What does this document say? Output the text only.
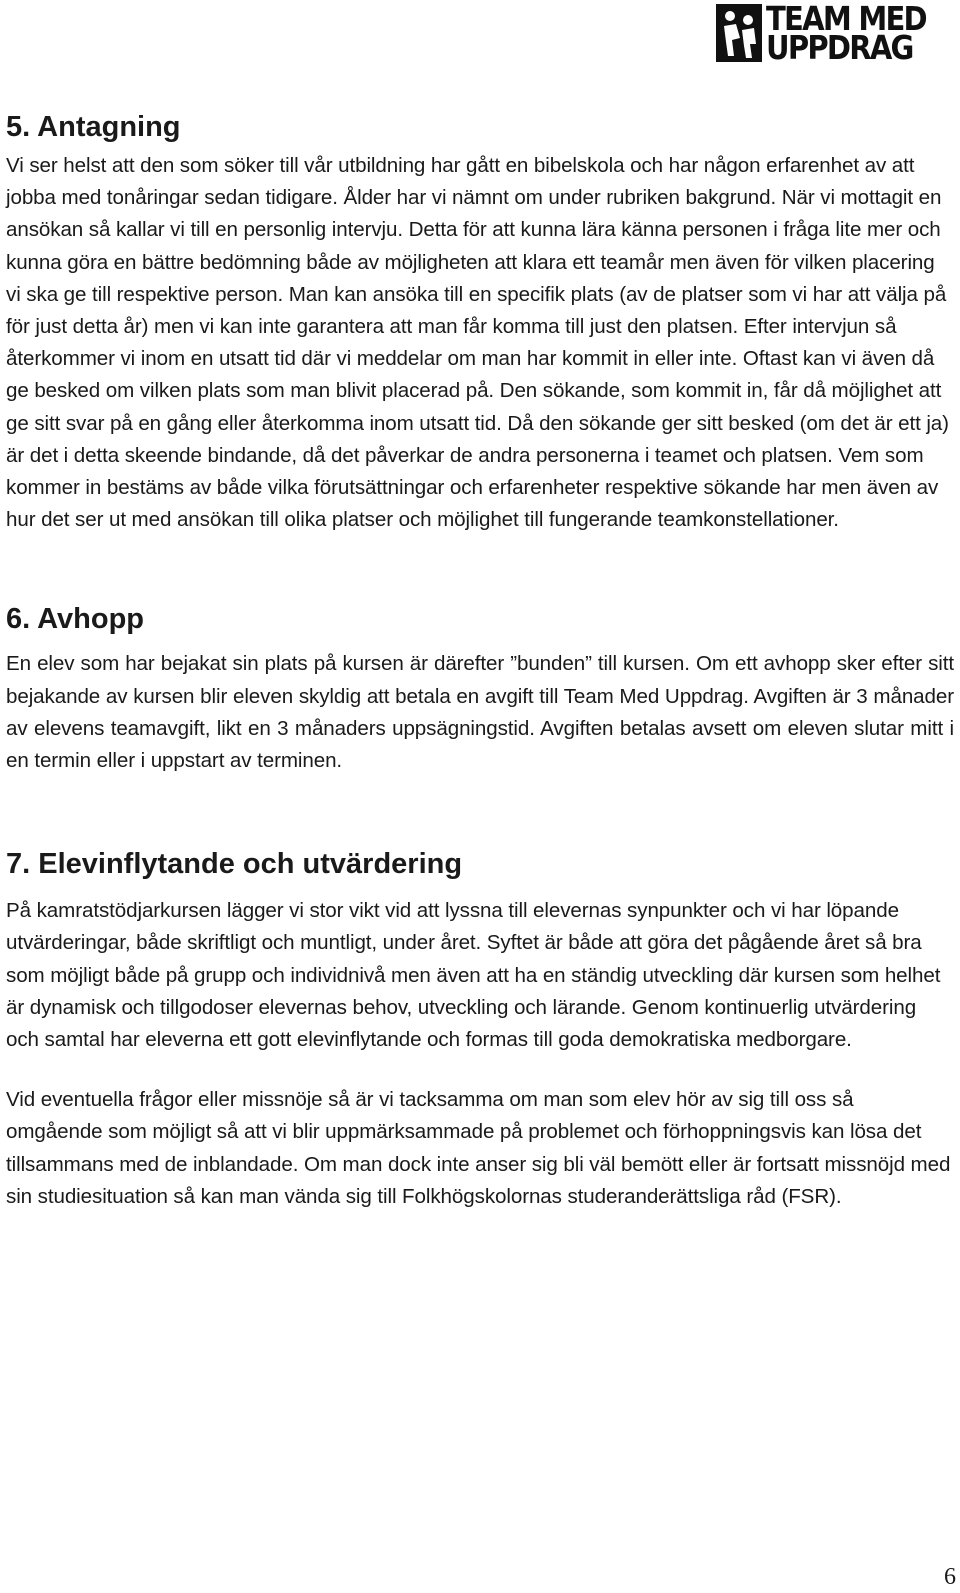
TEAM MED
UPPDRAG
5. Antagning

Vi ser helst att den som söker till vår utbildning har gått en bibelskola och har någon erfarenhet av att jobba med tonåringar sedan tidigare. Ålder har vi nämnt om under rubriken bakgrund. När vi mottagit en ansökan så kallar vi till en personlig intervju. Detta för att kunna lära känna personen i fråga lite mer och kunna göra en bättre bedömning både av möjligheten att klara ett teamår men även för vilken placering vi ska ge till respektive person. Man kan ansöka till en specifik plats (av de platser som vi har att välja på för just detta år) men vi kan inte garantera att man får komma till just den platsen. Efter intervjun så återkommer vi inom en utsatt tid där vi meddelar om man har kommit in eller inte. Oftast kan vi även då ge besked om vilken plats som man blivit placerad på. Den sökande, som kommit in, får då möjlighet att ge sitt svar på en gång eller återkomma inom utsatt tid. Då den sökande ger sitt besked (om det är ett ja) är det i detta skeende bindande, då det påverkar de andra personerna i teamet och platsen. Vem som kommer in bestäms av både vilka förutsättningar och erfarenheter respektive sökande har men även av hur det ser ut med ansökan till olika platser och möjlighet till fungerande teamkonstellationer.

6. Avhopp

En elev som har bejakat sin plats på kursen är därefter ”bunden” till kursen. Om ett avhopp sker efter sitt bejakande av kursen blir eleven skyldig att betala en avgift till Team Med Uppdrag. Avgiften är 3 månader av elevens teamavgift, likt en 3 månaders uppsägningstid. Avgiften betalas avsett om eleven slutar mitt i en termin eller i uppstart av terminen.

7. Elevinflytande och utvärdering

På kamratstödjarkursen lägger vi stor vikt vid att lyssna till elevernas synpunkter och vi har löpande utvärderingar, både skriftligt och muntligt, under året. Syftet är både att göra det pågående året så bra som möjligt både på grupp och individnivå men även att ha en ständig utveckling där kursen som helhet är dynamisk och tillgodoser elevernas behov, utveckling och lärande. Genom kontinuerlig utvärdering och samtal har eleverna ett gott elevinflytande och formas till goda demokratiska medborgare.

Vid eventuella frågor eller missnöje så är vi tacksamma om man som elev hör av sig till oss så omgående som möjligt så att vi blir uppmärksammade på problemet och förhoppningsvis kan lösa det tillsammans med de inblandade. Om man dock inte anser sig bli väl bemött eller är fortsatt missnöjd med sin studiesituation så kan man vända sig till Folkhögskolornas studeranderättsliga råd (FSR).

6
